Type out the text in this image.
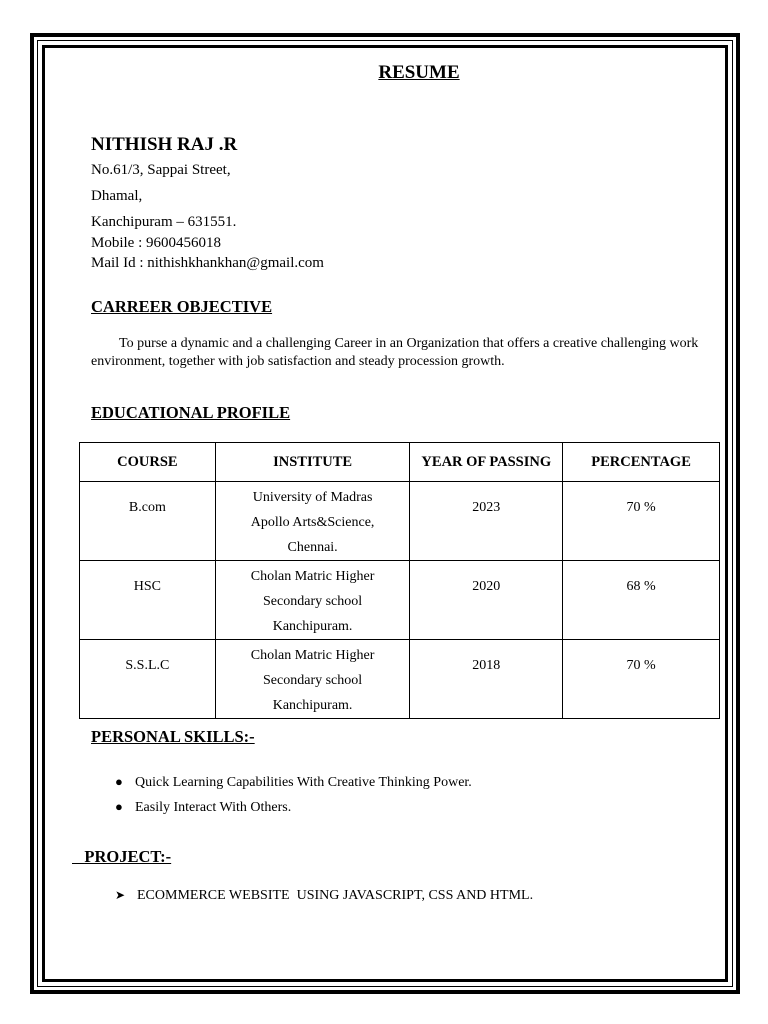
RESUME
NITHISH RAJ .R
No.61/3, Sappai Street,
Dhamal,
Kanchipuram – 631551.
Mobile : 9600456018
Mail Id : nithishkhankhan@gmail.com
CARREER OBJECTIVE
To purse a dynamic and a challenging Career in an Organization that offers a creative challenging work environment, together with job satisfaction and steady procession growth.
EDUCATIONAL PROFILE
COURSE	INSTITUTE	YEAR OF PASSING	PERCENTAGE
B.com	University of Madras
Apollo Arts&Science,
Chennai.	2023	70 %
HSC	Cholan Matric Higher
Secondary school
Kanchipuram.	2020	68 %
S.S.L.C	Cholan Matric Higher
Secondary school
Kanchipuram.	2018	70 %
PERSONAL SKILLS:-
● Quick Learning Capabilities With Creative Thinking Power.
● Easily Interact With Others.
PROJECT:-
➤ ECOMMERCE WEBSITE  USING JAVASCRIPT, CSS AND HTML.
